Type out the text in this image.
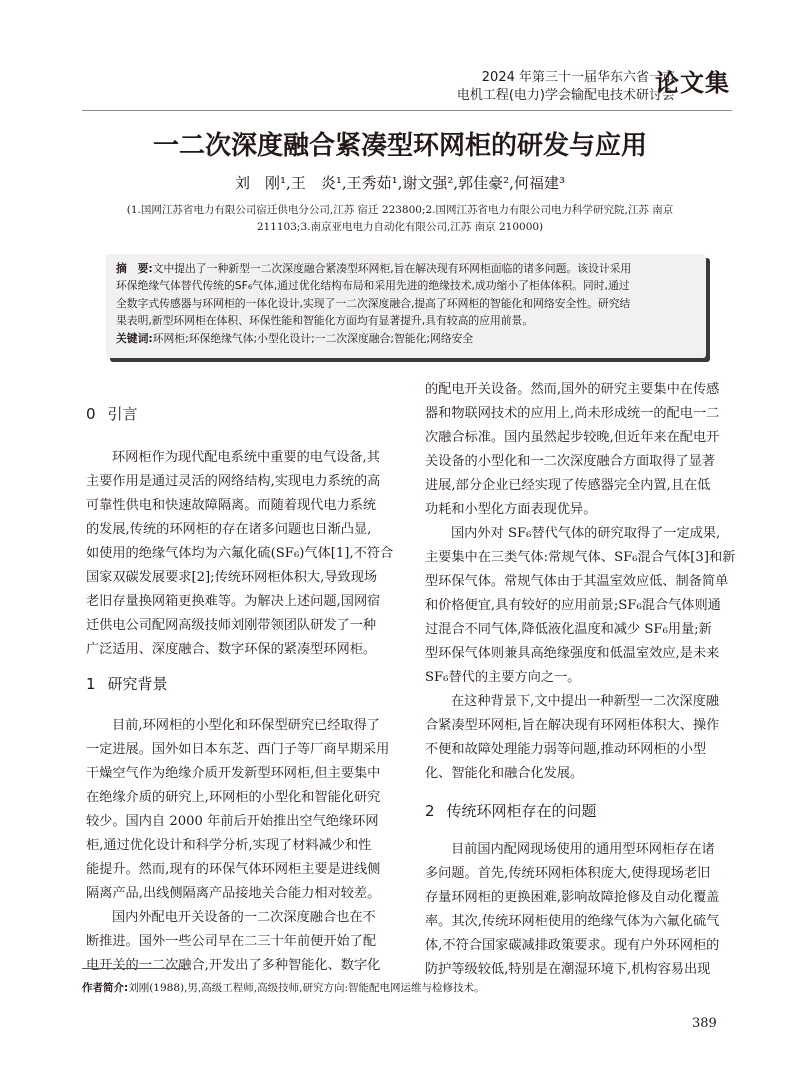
2024 年第三十一届华东六省一市
电机工程(电力)学会输配电技术研讨会
论文集
一二次深度融合紧凑型环网柜的研发与应用
刘　刚¹,王　炎¹,王秀茹¹,谢文强²,郭佳豪²,何福建³
(1.国网江苏省电力有限公司宿迁供电分公司,江苏 宿迁 223800;2.国网江苏省电力有限公司电力科学研究院,江苏 南京
211103;3.南京亚电电力自动化有限公司,江苏 南京 210000)
摘　要:文中提出了一种新型一二次深度融合紧凑型环网柜,旨在解决现有环网柜面临的诸多问题。该设计采用
环保绝缘气体替代传统的SF₆气体,通过优化结构布局和采用先进的绝缘技术,成功缩小了柜体体积。同时,通过
全数字式传感器与环网柜的一体化设计,实现了一二次深度融合,提高了环网柜的智能化和网络安全性。研究结
果表明,新型环网柜在体积、环保性能和智能化方面均有显著提升,具有较高的应用前景。
关键词:环网柜;环保绝缘气体;小型化设计;一二次深度融合;智能化;网络安全
0 引言
环网柜作为现代配电系统中重要的电气设备,其
主要作用是通过灵活的网络结构,实现电力系统的高
可靠性供电和快速故障隔离。而随着现代电力系统
的发展,传统的环网柜的存在诸多问题也日渐凸显,
如使用的绝缘气体均为六氟化硫(SF₆)气体[1],不符合
国家双碳发展要求[2];传统环网柜体积大,导致现场
老旧存量换网箱更换难等。为解决上述问题,国网宿
迁供电公司配网高级技师刘刚带领团队研发了一种
广泛适用、深度融合、数字环保的紧凑型环网柜。
1 研究背景
目前,环网柜的小型化和环保型研究已经取得了
一定进展。国外如日本东芝、西门子等厂商早期采用
干燥空气作为绝缘介质开发新型环网柜,但主要集中
在绝缘介质的研究上,环网柜的小型化和智能化研究
较少。国内自 2000 年前后开始推出空气绝缘环网
柜,通过优化设计和科学分析,实现了材料减少和性
能提升。然而,现有的环保气体环网柜主要是进线侧
隔离产品,出线侧隔离产品接地关合能力相对较差。
国内外配电开关设备的一二次深度融合也在不
断推进。国外一些公司早在二三十年前便开始了配
电开关的一二次融合,开发出了多种智能化、数字化
的配电开关设备。然而,国外的研究主要集中在传感
器和物联网技术的应用上,尚未形成统一的配电一二
次融合标准。国内虽然起步较晚,但近年来在配电开
关设备的小型化和一二次深度融合方面取得了显著
进展,部分企业已经实现了传感器完全内置,且在低
功耗和小型化方面表现优异。
国内外对 SF₆替代气体的研究取得了一定成果,
主要集中在三类气体:常规气体、SF₆混合气体[3]和新
型环保气体。常规气体由于其温室效应低、制备简单
和价格便宜,具有较好的应用前景;SF₆混合气体则通
过混合不同气体,降低液化温度和减少 SF₆用量;新
型环保气体则兼具高绝缘强度和低温室效应,是未来
SF₆替代的主要方向之一。
在这种背景下,文中提出一种新型一二次深度融
合紧凑型环网柜,旨在解决现有环网柜体积大、操作
不便和故障处理能力弱等问题,推动环网柜的小型
化、智能化和融合化发展。
2 传统环网柜存在的问题
目前国内配网现场使用的通用型环网柜存在诸
多问题。首先,传统环网柜体积庞大,使得现场老旧
存量环网柜的更换困难,影响故障抢修及自动化覆盖
率。其次,传统环网柜使用的绝缘气体为六氟化硫气
体,不符合国家碳减排政策要求。现有户外环网柜的
防护等级较低,特别是在潮湿环境下,机构容易出现
作者简介:刘刚(1988),男,高级工程师,高级技师,研究方向:智能配电网运维与检修技术。
389
